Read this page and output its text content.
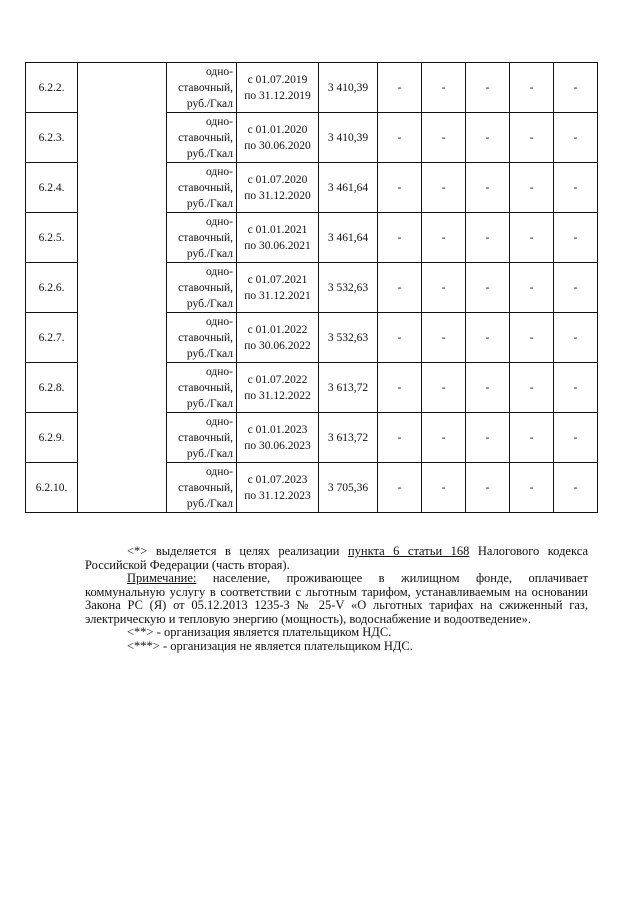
6.2.2.		одно-
ставочный,
руб./Гкал	с 01.07.2019
по 31.12.2019	3 410,39	-	-	-	-	-
6.2.3.		одно-
ставочный,
руб./Гкал	с 01.01.2020
по 30.06.2020	3 410,39	-	-	-	-	-
6.2.4.		одно-
ставочный,
руб./Гкал	с 01.07.2020
по 31.12.2020	3 461,64	-	-	-	-	-
6.2.5.		одно-
ставочный,
руб./Гкал	с 01.01.2021
по 30.06.2021	3 461,64	-	-	-	-	-
6.2.6.		одно-
ставочный,
руб./Гкал	с 01.07.2021
по 31.12.2021	3 532,63	-	-	-	-	-
6.2.7.		одно-
ставочный,
руб./Гкал	с 01.01.2022
по 30.06.2022	3 532,63	-	-	-	-	-
6.2.8.		одно-
ставочный,
руб./Гкал	с 01.07.2022
по 31.12.2022	3 613,72	-	-	-	-	-
6.2.9.		одно-
ставочный,
руб./Гкал	с 01.01.2023
по 30.06.2023	3 613,72	-	-	-	-	-
6.2.10.		одно-
ставочный,
руб./Гкал	с 01.07.2023
по 31.12.2023	3 705,36	-	-	-	-	-

<*> выделяется в целях реализации пункта 6 статьи 168 Налогового кодекса Российской Федерации (часть вторая).

Примечание: население, проживающее в жилищном фонде, оплачивает коммунальную услугу в соответствии с льготным тарифом, устанавливаемым на основании Закона РС (Я) от 05.12.2013 1235-З № 25-V «О льготных тарифах на сжиженный газ, электрическую и тепловую энергию (мощность), водоснабжение и водоотведение».

<**> - организация является плательщиком НДС.

<***> - организация не является плательщиком НДС.
